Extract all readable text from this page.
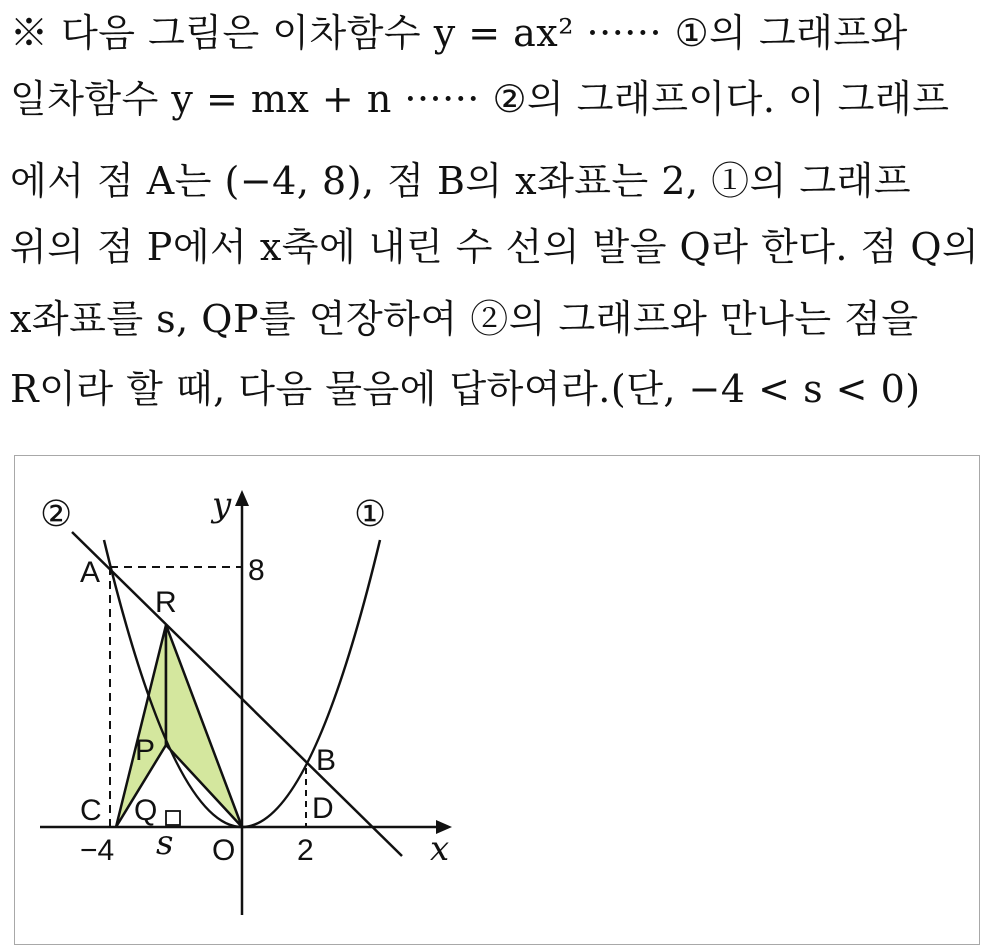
※ 다음 그림은 이차함수 y = ax² ······ ①의 그래프와
일차함수 y = mx + n ······ ②의 그래프이다. 이 그래프
에서 점 A는 (−4, 8), 점 B의 x좌표는 2, ①의 그래프
위의 점 P에서 x축에 내린 수 선의 발을 Q라 한다. 점 Q의
x좌표를 s, QP를 연장하여 ②의 그래프와 만나는 점을
R이라 할 때, 다음 물음에 답하여라.(단, −4 < s < 0)
②	①
y
x
A	8
R
P	B
C Q	D
−4 s O 2
